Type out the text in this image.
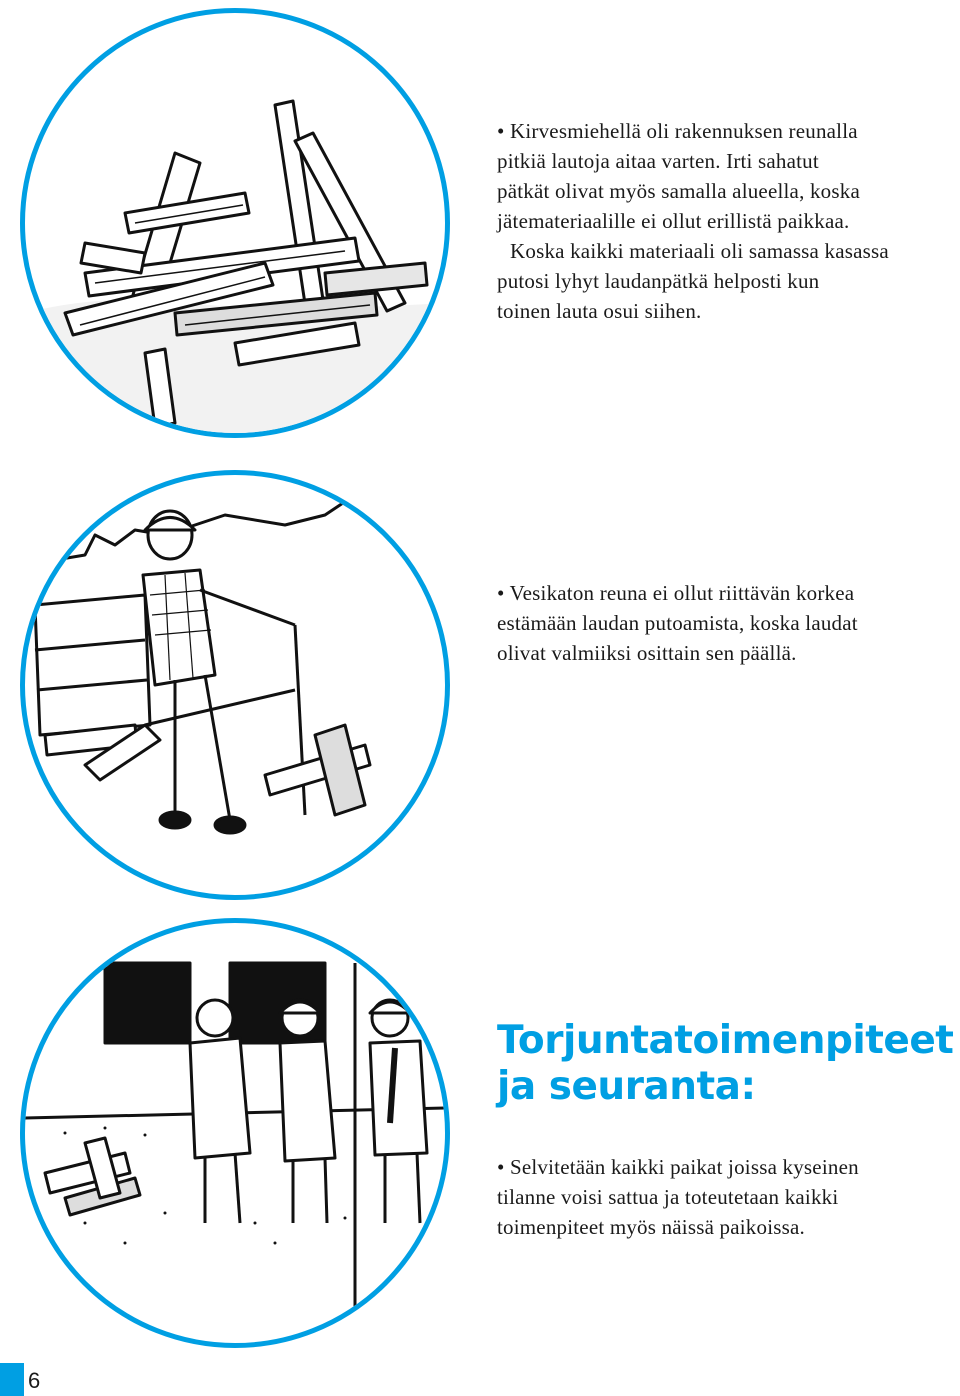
• Kirvesmiehellä oli rakennuksen reunalla

pitkiä lautoja aitaa varten. Irti sahatut

pätkät olivat myös samalla alueella, koska

jätemateriaalille ei ollut erillistä paikkaa.

Koska kaikki materiaali oli samassa kasassa

putosi lyhyt laudanpätkä helposti kun

toinen lauta osui siihen.

• Vesikaton reuna ei ollut riittävän korkea

estämään laudan putoamista, koska laudat

olivat valmiiksi osittain sen päällä.

Torjuntatoimenpiteet
ja seuranta:

• Selvitetään kaikki paikat joissa kyseinen

tilanne voisi sattua ja toteutetaan kaikki

toimenpiteet myös näissä paikoissa.

6
